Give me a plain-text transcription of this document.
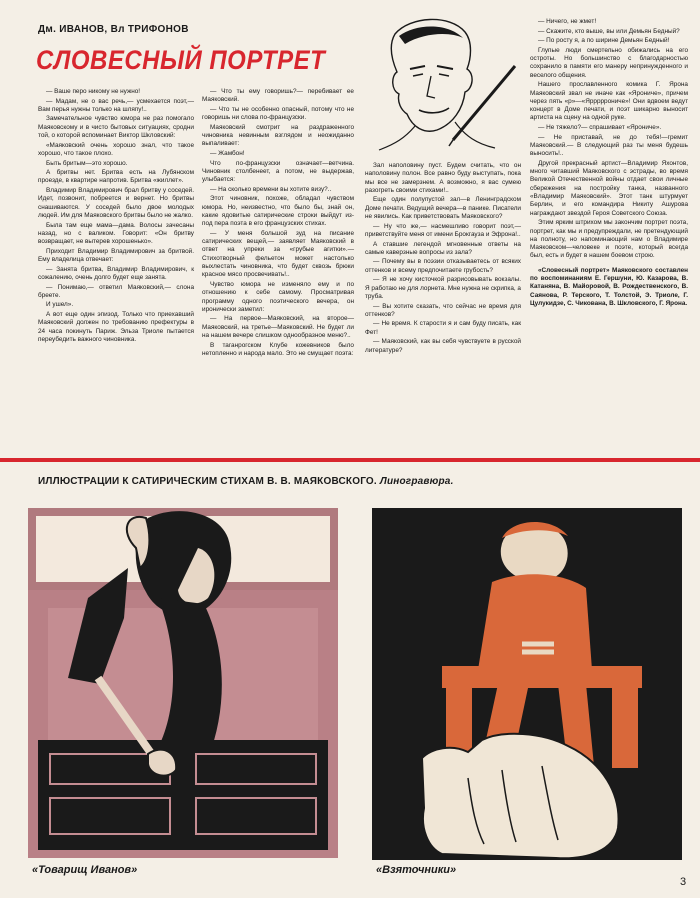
Дм. ИВАНОВ, Вл ТРИФОНОВ
СЛОВЕСНЫЙ ПОРТРЕТ

— Ваше перо никому не нужно!

— Мадам, не о вас речь,— усмехается поэт,— Вам перья нужны только на шляпу!..

Замечательное чувство юмора не раз помогало Маяковскому и в чисто бытовых ситуациях, сродни той, о которой вспоминает Виктор Шкловский:

«Маяковский очень хорошо знал, что такое хорошо, что такое плохо.

Быть бритым—это хорошо.

А бритвы нет. Бритва есть на Лубянском проезде, в квартире напротив. Бритва «жиллет».

Владимир Владимирович брал бритву у соседей. Идет, позвонит, побреется и вернет. Но бритвы снашиваются. У соседей было двое молодых людей. Им для Маяковского бритвы было не жалко.

Была там еще мама—дама. Волосы зачесаны назад, но с валиком. Говорит: «Он бритву возвращает, не вытерев хорошенько».

Приходит Владимир Владимирович за бритвой. Ему владелица отвечает:

— Занята бритва, Владимир Владимирович, к сожалению, очень долго будет еще занята.

— Понимаю,— ответил Маяковский,— слона бреете.

И ушел».

А вот еще один эпизод. Только что приехавший Маяковский должен по требованию префектуры в 24 часа покинуть Париж. Эльза Триоле пытается переубедить важного чиновника.

— Что ты ему говоришь?— перебивает ее Маяковский.

— Что ты не особенно опасный, потому что не говоришь ни слова по-французски.

Маяковский смотрит на раздраженного чиновника невинным взглядом и неожиданно выпаливает:

— Жамбон!

Что по-французски означает—ветчина. Чиновник столбенеет, а потом, не выдержав, улыбается:

— На сколько времени вы хотите визу?..

Этот чиновник, похоже, обладал чувством юмора. Но, неизвестно, что было бы, знай он, какие ядовитые сатирические строки выйдут из-под пера поэта в его французских стихах.

— У меня большой зуд на писание сатирических вещей,— заявляет Маяковский в ответ на упреки за «грубые агитки».— Стихотворный фельетон может настолько выхлестать чиновника, что будет сквозь брюки красное мясо просвечивать!..

Чувство юмора не изменяло ему и по отношению к себе самому. Просматривая программу одного поэтического вечера, он иронически заметил:

— На первое—Маяковский, на второе—Маяковский, на третье—Маяковский. Не будет ли на нашем вечере слишком однообразное меню?..

В таганрогском Клубе кожевников было нетопленно и народа мало. Это не смущает поэта:

Зал наполовину пуст. Будем считать, что он наполовину полон. Все равно буду выступать, пока мы все не замерзнем. А возможно, я вас сумею разогреть своими стихами!..

Еще один полупустой зал—в Ленинградском Доме печати. Ведущий вечера—в панике. Писатели не явились. Как приветствовать Маяковского?

— Ну что же,— насмешливо говорит поэт,— приветствуйте меня от имени Брокгауза и Эфрона!..

А ставшие легендой мгновенные ответы на самые каверзные вопросы из зала?

— Почему вы в поэзии отказываетесь от всяких оттенков и всему предпочитаете грубость?

— Я не хочу кисточкой разрисовывать вокзалы. Я работаю не для лорнета. Мне нужна не скрипка, а труба.

— Вы хотите сказать, что сейчас не время для оттенков?

— Не время. К старости я и сам буду писать, как Фет!

— Маяковский, как вы себя чувствуете в русской литературе?

— Ничего, не жмет!

— Скажите, кто выше, вы или Демьян Бедный?

— По росту я, а по ширине Демьян Бедный!

Глупые люди смертельно обижались на его остроты. Но большинство с благодарностью сохранило в памяти его манеру непринужденного и веселого общения.

Нашего прославленного комика Г. Ярона Маяковский звал не иначе как «Ярониче», причем через пять «р»—«Ярррррониче»! Они вдвоем ведут концерт в Доме печати, и поэт шикарно выносит артиста на сцену на одной руке.

— Не тяжело?— спрашивает «Ярониче».

— Не приставай, не до тебя!—гремит Маяковский.— В следующий раз ты меня будешь выносить!..

Другой прекрасный артист—Владимир Яхонтов, много читавший Маяковского с эстрады, во время Великой Отечественной войны отдает свои личные сбережения на постройку танка, названного «Владимир Маяковский». Этот танк штурмует Берлин, и его командира Никиту Ашурова награждают звездой Героя Советского Союза.

Этим ярким штрихом мы закончим портрет поэта, портрет, как мы и предупреждали, не претендующий на полноту, но напоминающий нам о Владимире Маяковском—человеке и поэте, который всегда был, есть и будет в нашем боевом строю.

«Словесный портрет» Маяковского составлен по воспоминаниям Е. Гершуни, Ю. Казарова, В. Катаняна, В. Майоровой, В. Рождественского, В. Саянова, Р. Терского, Т. Толстой, Э. Триоле, Г. Цулукидзе, С. Чикована, В. Шкловского, Г. Ярона.
ИЛЛЮСТРАЦИИ К САТИРИЧЕСКИМ СТИХАМ В. В. МАЯКОВСКОГО. Линогравюра.
«Товарищ Иванов»	«Взяточники»
3
